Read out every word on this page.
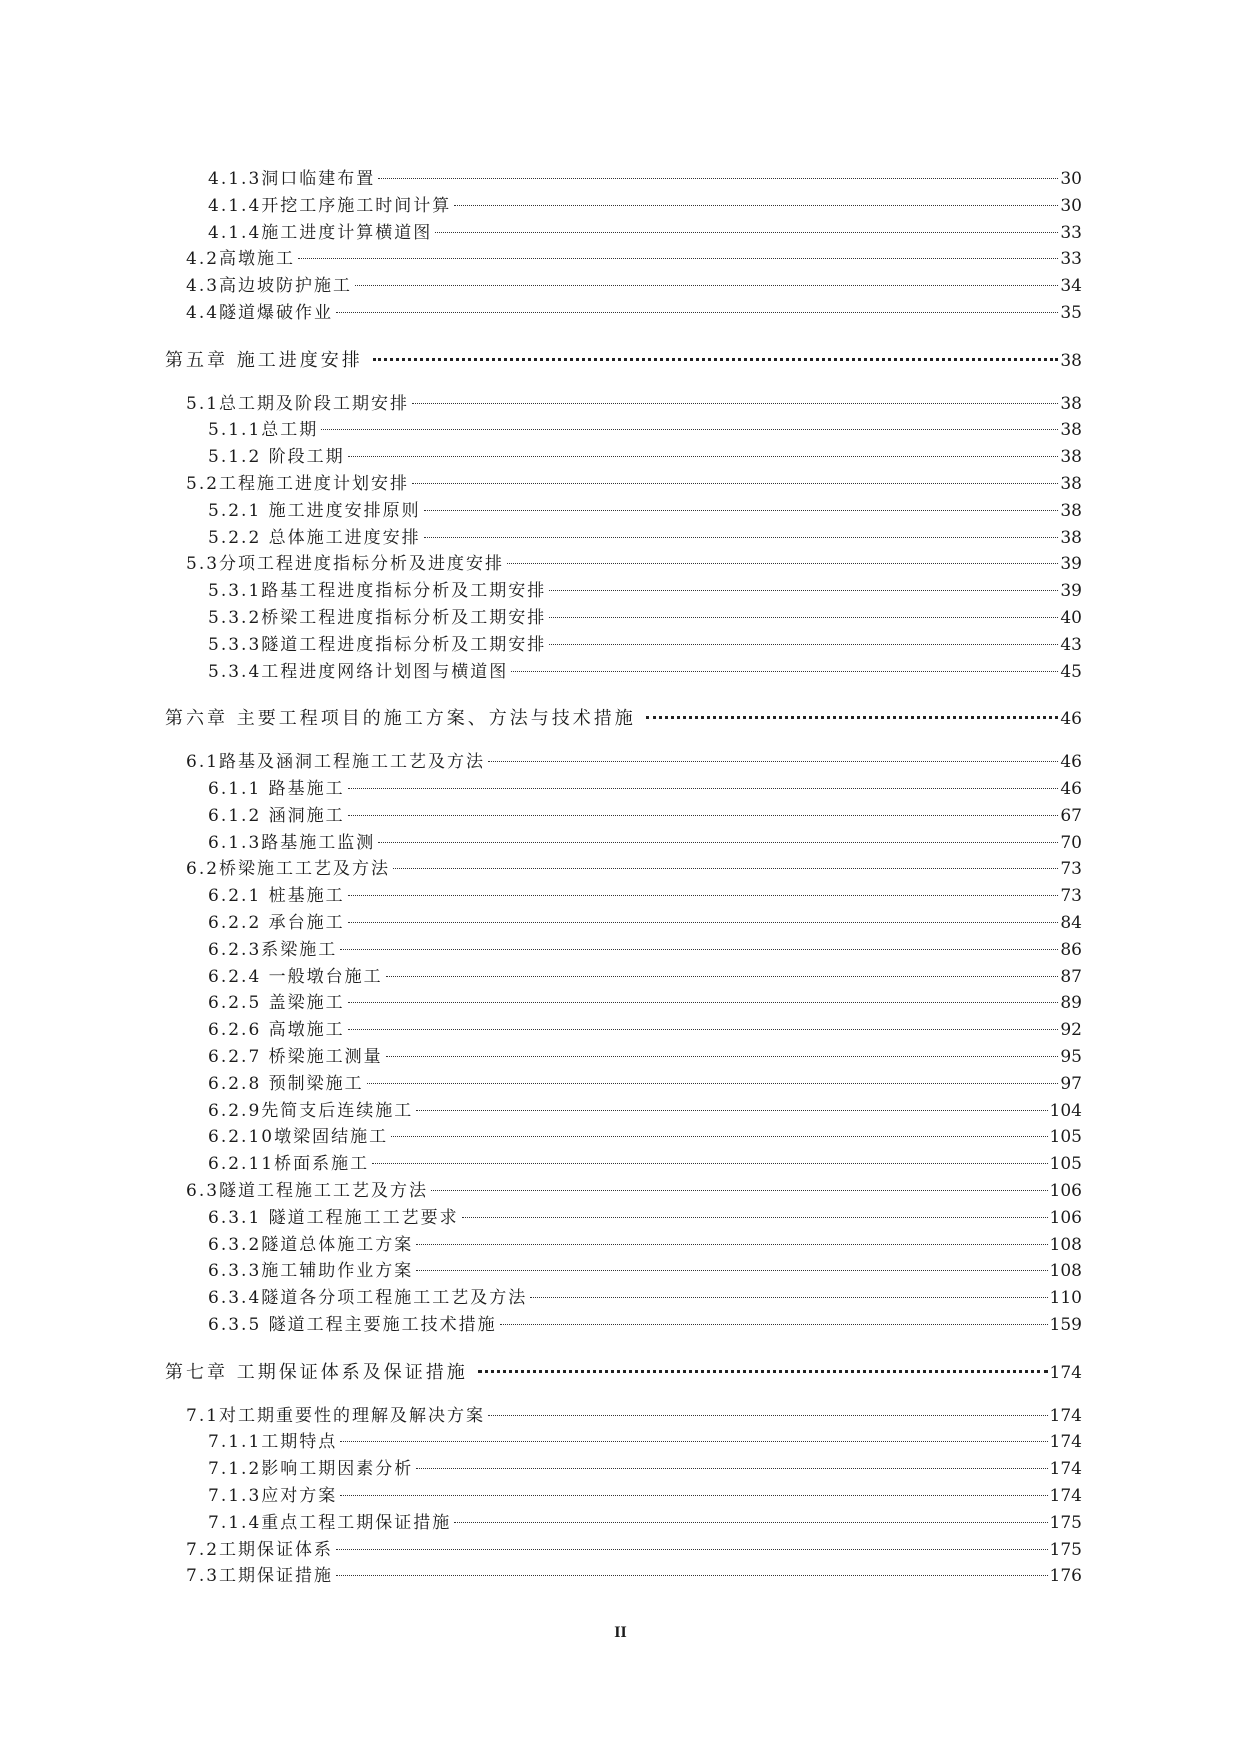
4.1.3洞口临建布置	30
4.1.4开挖工序施工时间计算	30
4.1.4施工进度计算横道图	33
4.2高墩施工	33
4.3高边坡防护施工	34
4.4隧道爆破作业	35
第五章 施工进度安排	38
5.1总工期及阶段工期安排	38
5.1.1总工期	38
5.1.2 阶段工期	38
5.2工程施工进度计划安排	38
5.2.1 施工进度安排原则	38
5.2.2 总体施工进度安排	38
5.3分项工程进度指标分析及进度安排	39
5.3.1路基工程进度指标分析及工期安排	39
5.3.2桥梁工程进度指标分析及工期安排	40
5.3.3隧道工程进度指标分析及工期安排	43
5.3.4工程进度网络计划图与横道图	45
第六章 主要工程项目的施工方案、方法与技术措施	46
6.1路基及涵洞工程施工工艺及方法	46
6.1.1 路基施工	46
6.1.2 涵洞施工	67
6.1.3路基施工监测	70
6.2桥梁施工工艺及方法	73
6.2.1 桩基施工	73
6.2.2 承台施工	84
6.2.3系梁施工	86
6.2.4 一般墩台施工	87
6.2.5 盖梁施工	89
6.2.6 高墩施工	92
6.2.7 桥梁施工测量	95
6.2.8 预制梁施工	97
6.2.9先简支后连续施工	104
6.2.10墩梁固结施工	105
6.2.11桥面系施工	105
6.3隧道工程施工工艺及方法	106
6.3.1 隧道工程施工工艺要求	106
6.3.2隧道总体施工方案	108
6.3.3施工辅助作业方案	108
6.3.4隧道各分项工程施工工艺及方法	110
6.3.5 隧道工程主要施工技术措施	159
第七章 工期保证体系及保证措施	174
7.1对工期重要性的理解及解决方案	174
7.1.1工期特点	174
7.1.2影响工期因素分析	174
7.1.3应对方案	174
7.1.4重点工程工期保证措施	175
7.2工期保证体系	175
7.3工期保证措施	176
II
